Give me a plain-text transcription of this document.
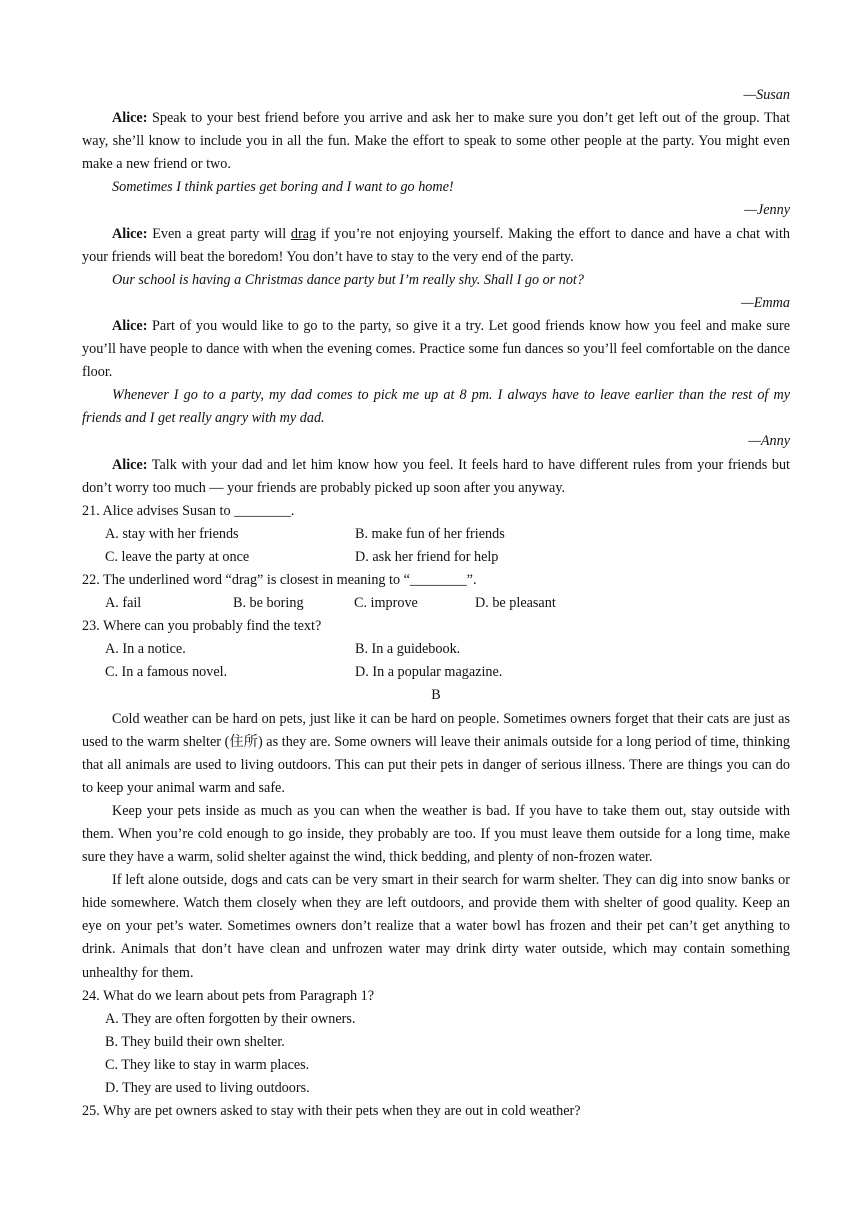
—Susan
Alice: Speak to your best friend before you arrive and ask her to make sure you don’t get left out of the group. That way, she’ll know to include you in all the fun. Make the effort to speak to some other people at the party. You might even make a new friend or two.
Sometimes I think parties get boring and I want to go home!
—Jenny
Alice: Even a great party will drag if you’re not enjoying yourself. Making the effort to dance and have a chat with your friends will beat the boredom! You don’t have to stay to the very end of the party.
Our school is having a Christmas dance party but I’m really shy. Shall I go or not?
—Emma
Alice: Part of you would like to go to the party, so give it a try. Let good friends know how you feel and make sure you’ll have people to dance with when the evening comes. Practice some fun dances so you’ll feel comfortable on the dance floor.
Whenever I go to a party, my dad comes to pick me up at 8 pm. I always have to leave earlier than the rest of my friends and I get really angry with my dad.
—Anny
Alice: Talk with your dad and let him know how you feel. It feels hard to have different rules from your friends but don’t worry too much — your friends are probably picked up soon after you anyway.
21. Alice advises Susan to ________.
A. stay with her friends	B. make fun of her friends
C. leave the party at once	D. ask her friend for help
22. The underlined word “drag” is closest in meaning to “________”.
A. fail	B. be boring	C. improve	D. be pleasant
23. Where can you probably find the text?
A. In a notice.	B. In a guidebook.
C. In a famous novel.	D. In a popular magazine.
B
Cold weather can be hard on pets, just like it can be hard on people. Sometimes owners forget that their cats are just as used to the warm shelter (住所) as they are. Some owners will leave their animals outside for a long period of time, thinking that all animals are used to living outdoors. This can put their pets in danger of serious illness. There are things you can do to keep your animal warm and safe.
Keep your pets inside as much as you can when the weather is bad. If you have to take them out, stay outside with them. When you’re cold enough to go inside, they probably are too. If you must leave them outside for a long time, make sure they have a warm, solid shelter against the wind, thick bedding, and plenty of non-frozen water.
If left alone outside, dogs and cats can be very smart in their search for warm shelter. They can dig into snow banks or hide somewhere. Watch them closely when they are left outdoors, and provide them with shelter of good quality. Keep an eye on your pet’s water. Sometimes owners don’t realize that a water bowl has frozen and their pet can’t get anything to drink. Animals that don’t have clean and unfrozen water may drink dirty water outside, which may contain something unhealthy for them.
24. What do we learn about pets from Paragraph 1?
A. They are often forgotten by their owners.
B. They build their own shelter.
C. They like to stay in warm places.
D. They are used to living outdoors.
25. Why are pet owners asked to stay with their pets when they are out in cold weather?
